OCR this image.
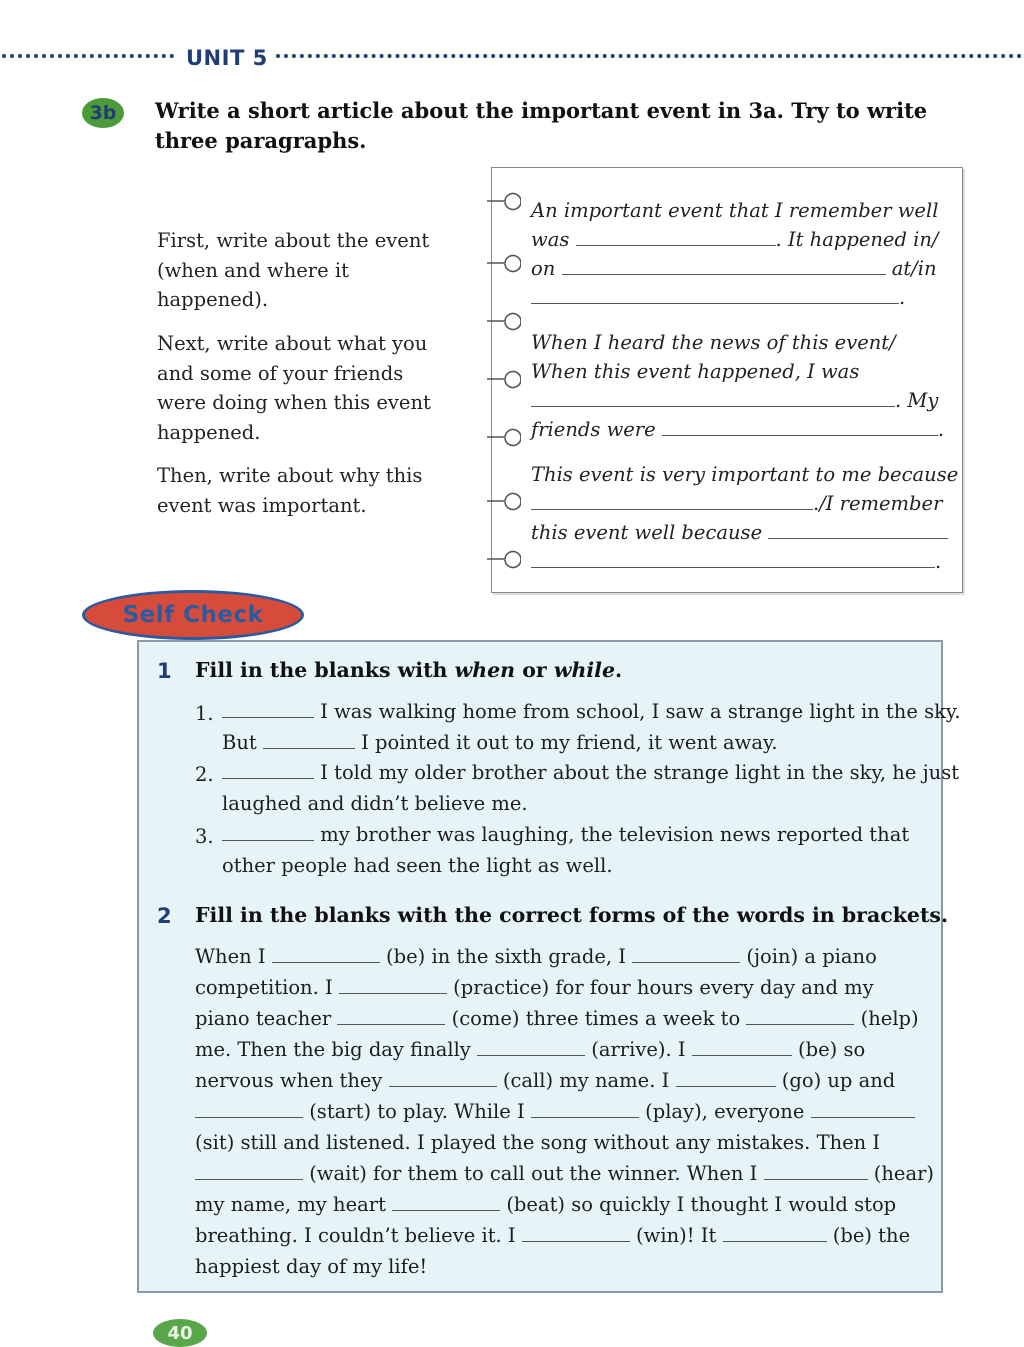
UNIT 5
3b	Write a short article about the important event in 3a. Try to write three paragraphs.
First, write about the event
(when and where it
happened).
Next, write about what you
and some of your friends
were doing when this event
happened.
Then, write about why this
event was important.
An important event that I remember well
was	. It happened in/
on	at/in
.
When I heard the news of this event/
When this event happened, I was
. My
friends were	.
This event is very important to me because
./I remember
this event well because
.
Self Check
1 Fill in the blanks with when or while.
1.	I was walking home from school, I saw a strange light in the sky.
But	I pointed it out to my friend, it went away.
2.	I told my older brother about the strange light in the sky, he just
laughed and didn’t believe me.
3.	my brother was laughing, the television news reported that
other people had seen the light as well.
2 Fill in the blanks with the correct forms of the words in brackets.
When I	(be) in the sixth grade, I	(join) a piano
competition. I	(practice) for four hours every day and my
piano teacher	(come) three times a week to	(help)
me. Then the big day finally	(arrive). I	(be) so
nervous when they	(call) my name. I	(go) up and
(start) to play. While I	(play), everyone
(sit) still and listened. I played the song without any mistakes. Then I
(wait) for them to call out the winner. When I	(hear)
my name, my heart	(beat) so quickly I thought I would stop
breathing. I couldn’t believe it. I	(win)! It	(be) the
happiest day of my life!
40
